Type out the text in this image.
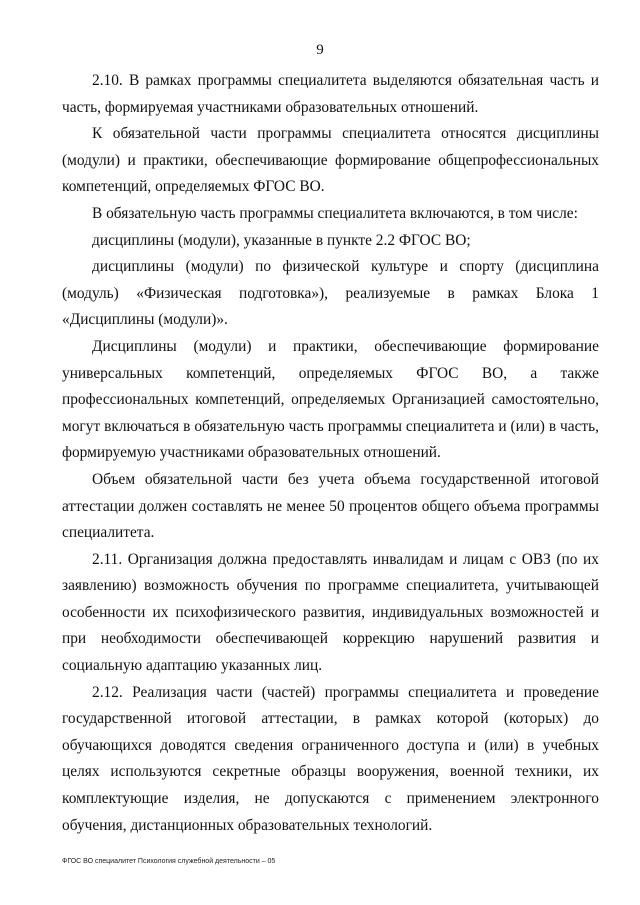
9

2.10. В рамках программы специалитета выделяются обязательная часть и часть, формируемая участниками образовательных отношений.

К обязательной части программы специалитета относятся дисциплины (модули) и практики, обеспечивающие формирование общепрофессиональных компетенций, определяемых ФГОС ВО.

В обязательную часть программы специалитета включаются, в том числе:

дисциплины (модули), указанные в пункте 2.2 ФГОС ВО;

дисциплины (модули) по физической культуре и спорту (дисциплина (модуль) «Физическая подготовка»), реализуемые в рамках Блока 1 «Дисциплины (модули)».

Дисциплины (модули) и практики, обеспечивающие формирование универсальных компетенций, определяемых ФГОС ВО, а также профессиональных компетенций, определяемых Организацией самостоятельно, могут включаться в обязательную часть программы специалитета и (или) в часть, формируемую участниками образовательных отношений.

Объем обязательной части без учета объема государственной итоговой аттестации должен составлять не менее 50 процентов общего объема программы специалитета.

2.11. Организация должна предоставлять инвалидам и лицам с ОВЗ (по их заявлению) возможность обучения по программе специалитета, учитывающей особенности их психофизического развития, индивидуальных возможностей и при необходимости обеспечивающей коррекцию нарушений развития и социальную адаптацию указанных лиц.

2.12. Реализация части (частей) программы специалитета и проведение государственной итоговой аттестации, в рамках которой (которых) до обучающихся доводятся сведения ограниченного доступа и (или) в учебных целях используются секретные образцы вооружения, военной техники, их комплектующие изделия, не допускаются с применением электронного обучения, дистанционных образовательных технологий.

ФГОС ВО специалитет Психология служебной деятельности – 05
